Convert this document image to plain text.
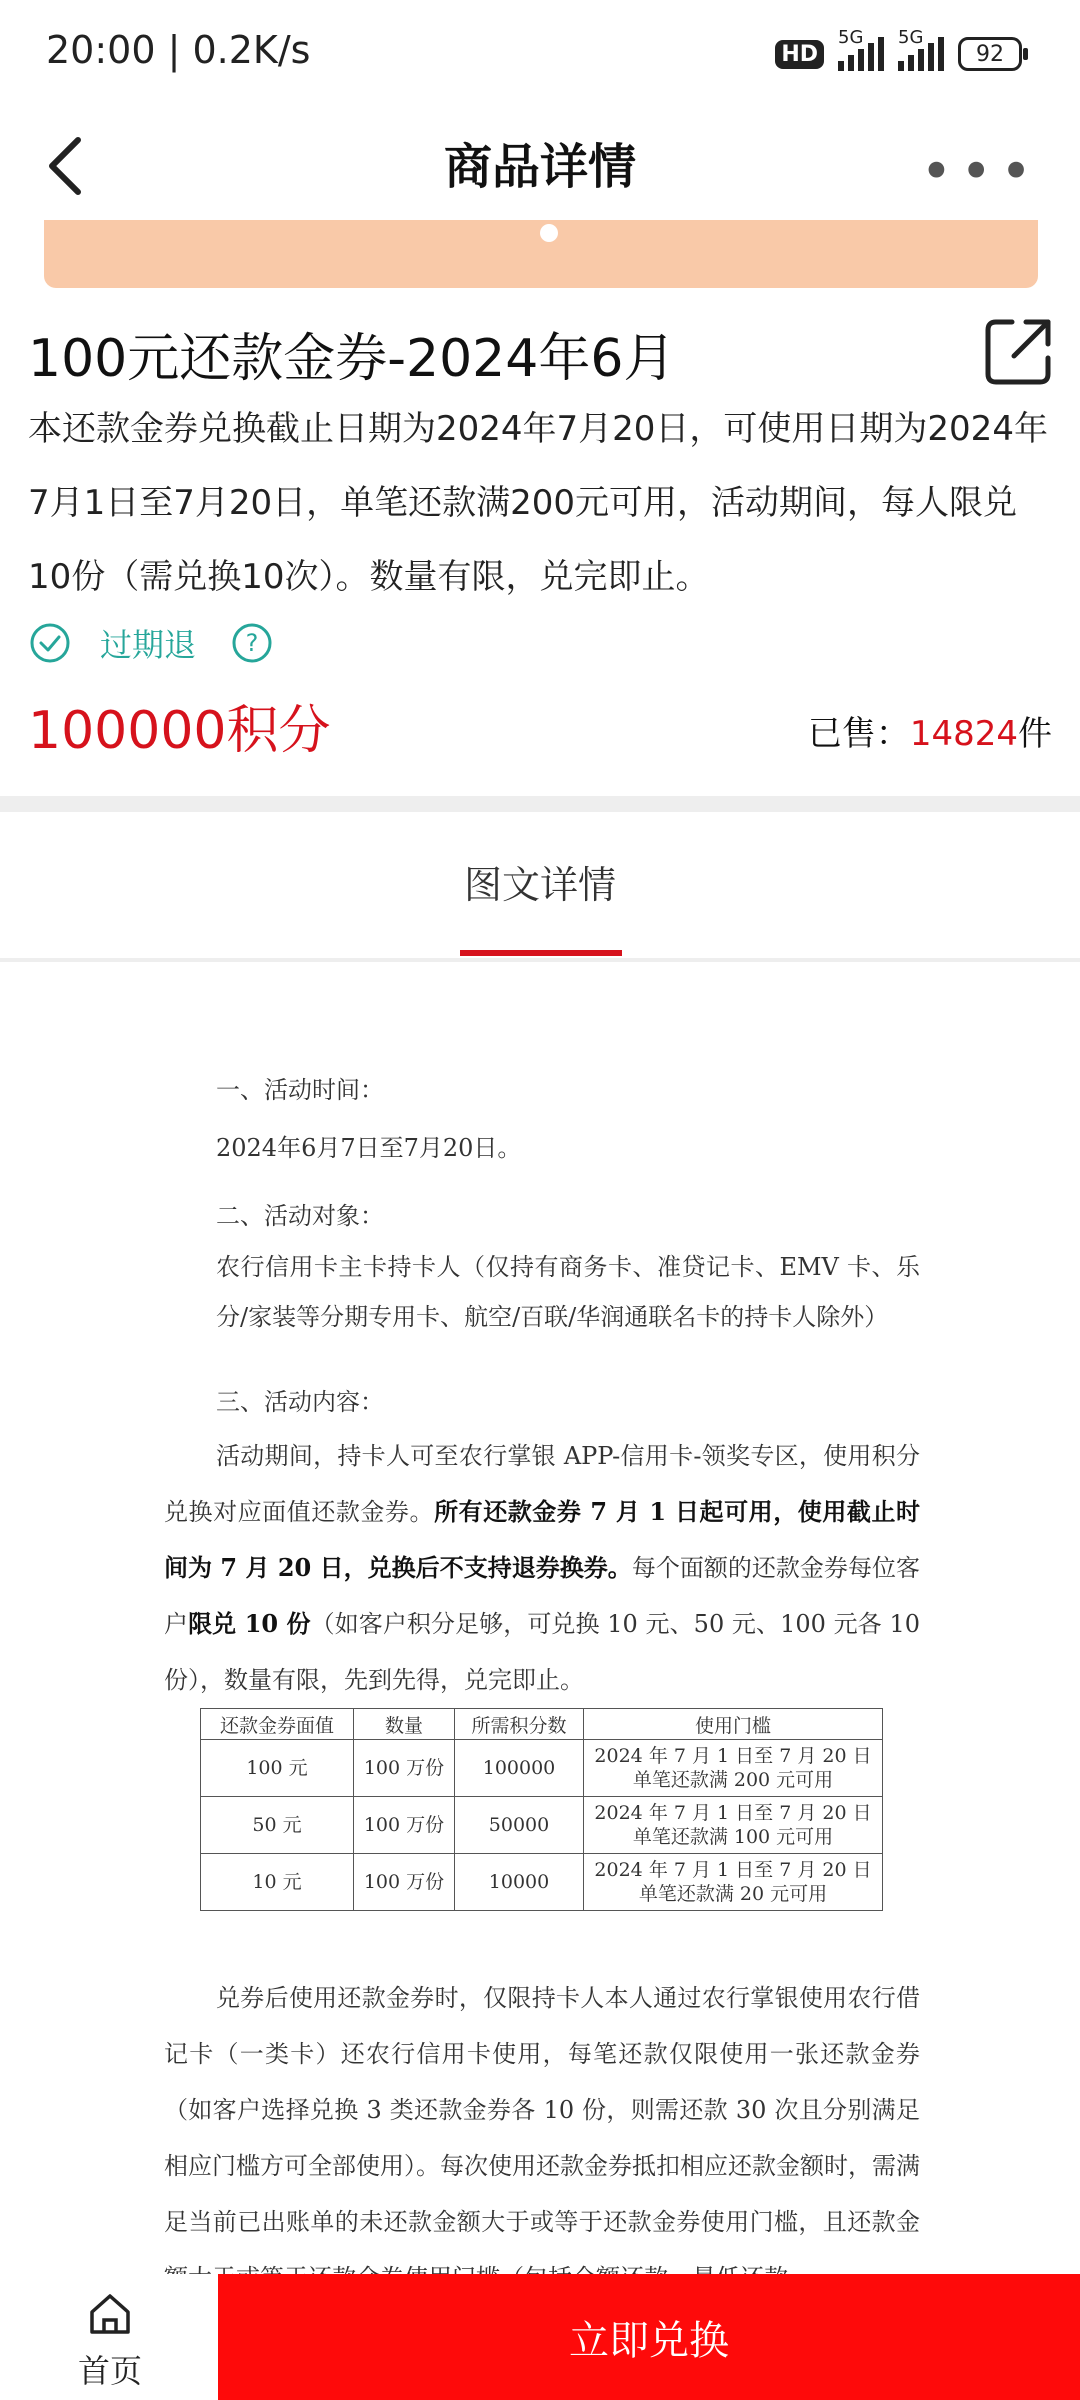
20:00 | 0.2K/s	HD
5G 5G
92
商品详情	•••
100元还款金券-2024年6月
本还款金券兑换截止日期为2024年7月20日，可使用日期为2024年7月1日至7月20日，单笔还款满200元可用，活动期间，每人限兑10份（需兑换10次）。数量有限，兑完即止。
过期退 ?
100000积分	已售：14824件
图文详情
一、活动时间：
2024年6月7日至7月20日。
二、活动对象：
农行信用卡主卡持卡人（仅持有商务卡、准贷记卡、EMV 卡、乐分/家装等分期专用卡、航空/百联/华润通联名卡的持卡人除外）
三、活动内容：
活动期间，持卡人可至农行掌银 APP-信用卡-领奖专区，使用积分兑换对应面值还款金券。所有还款金券 7 月 1 日起可用，使用截止时间为 7 月 20 日，兑换后不支持退券换券。每个面额的还款金券每位客户限兑 10 份（如客户积分足够，可兑换 10 元、50 元、100 元各 10 份），数量有限，先到先得，兑完即止。
还款金券面值	数量	所需积分数	使用门槛
100 元	100 万份	100000	2024 年 7 月 1 日至 7 月 20 日
单笔还款满 200 元可用

50 元	100 万份	50000	2024 年 7 月 1 日至 7 月 20 日
单笔还款满 100 元可用

10 元	100 万份	10000	2024 年 7 月 1 日至 7 月 20 日
单笔还款满 20 元可用
兑券后使用还款金券时，仅限持卡人本人通过农行掌银使用农行借记卡（一类卡）还农行信用卡使用，每笔还款仅限使用一张还款金券（如客户选择兑换 3 类还款金券各 10 份，则需还款 30 次且分别满足相应门槛方可全部使用）。每次使用还款金券抵扣相应还款金额时，需满足当前已出账单的未还款金额大于或等于还款金券使用门槛，且还款金
首页
立即兑换
